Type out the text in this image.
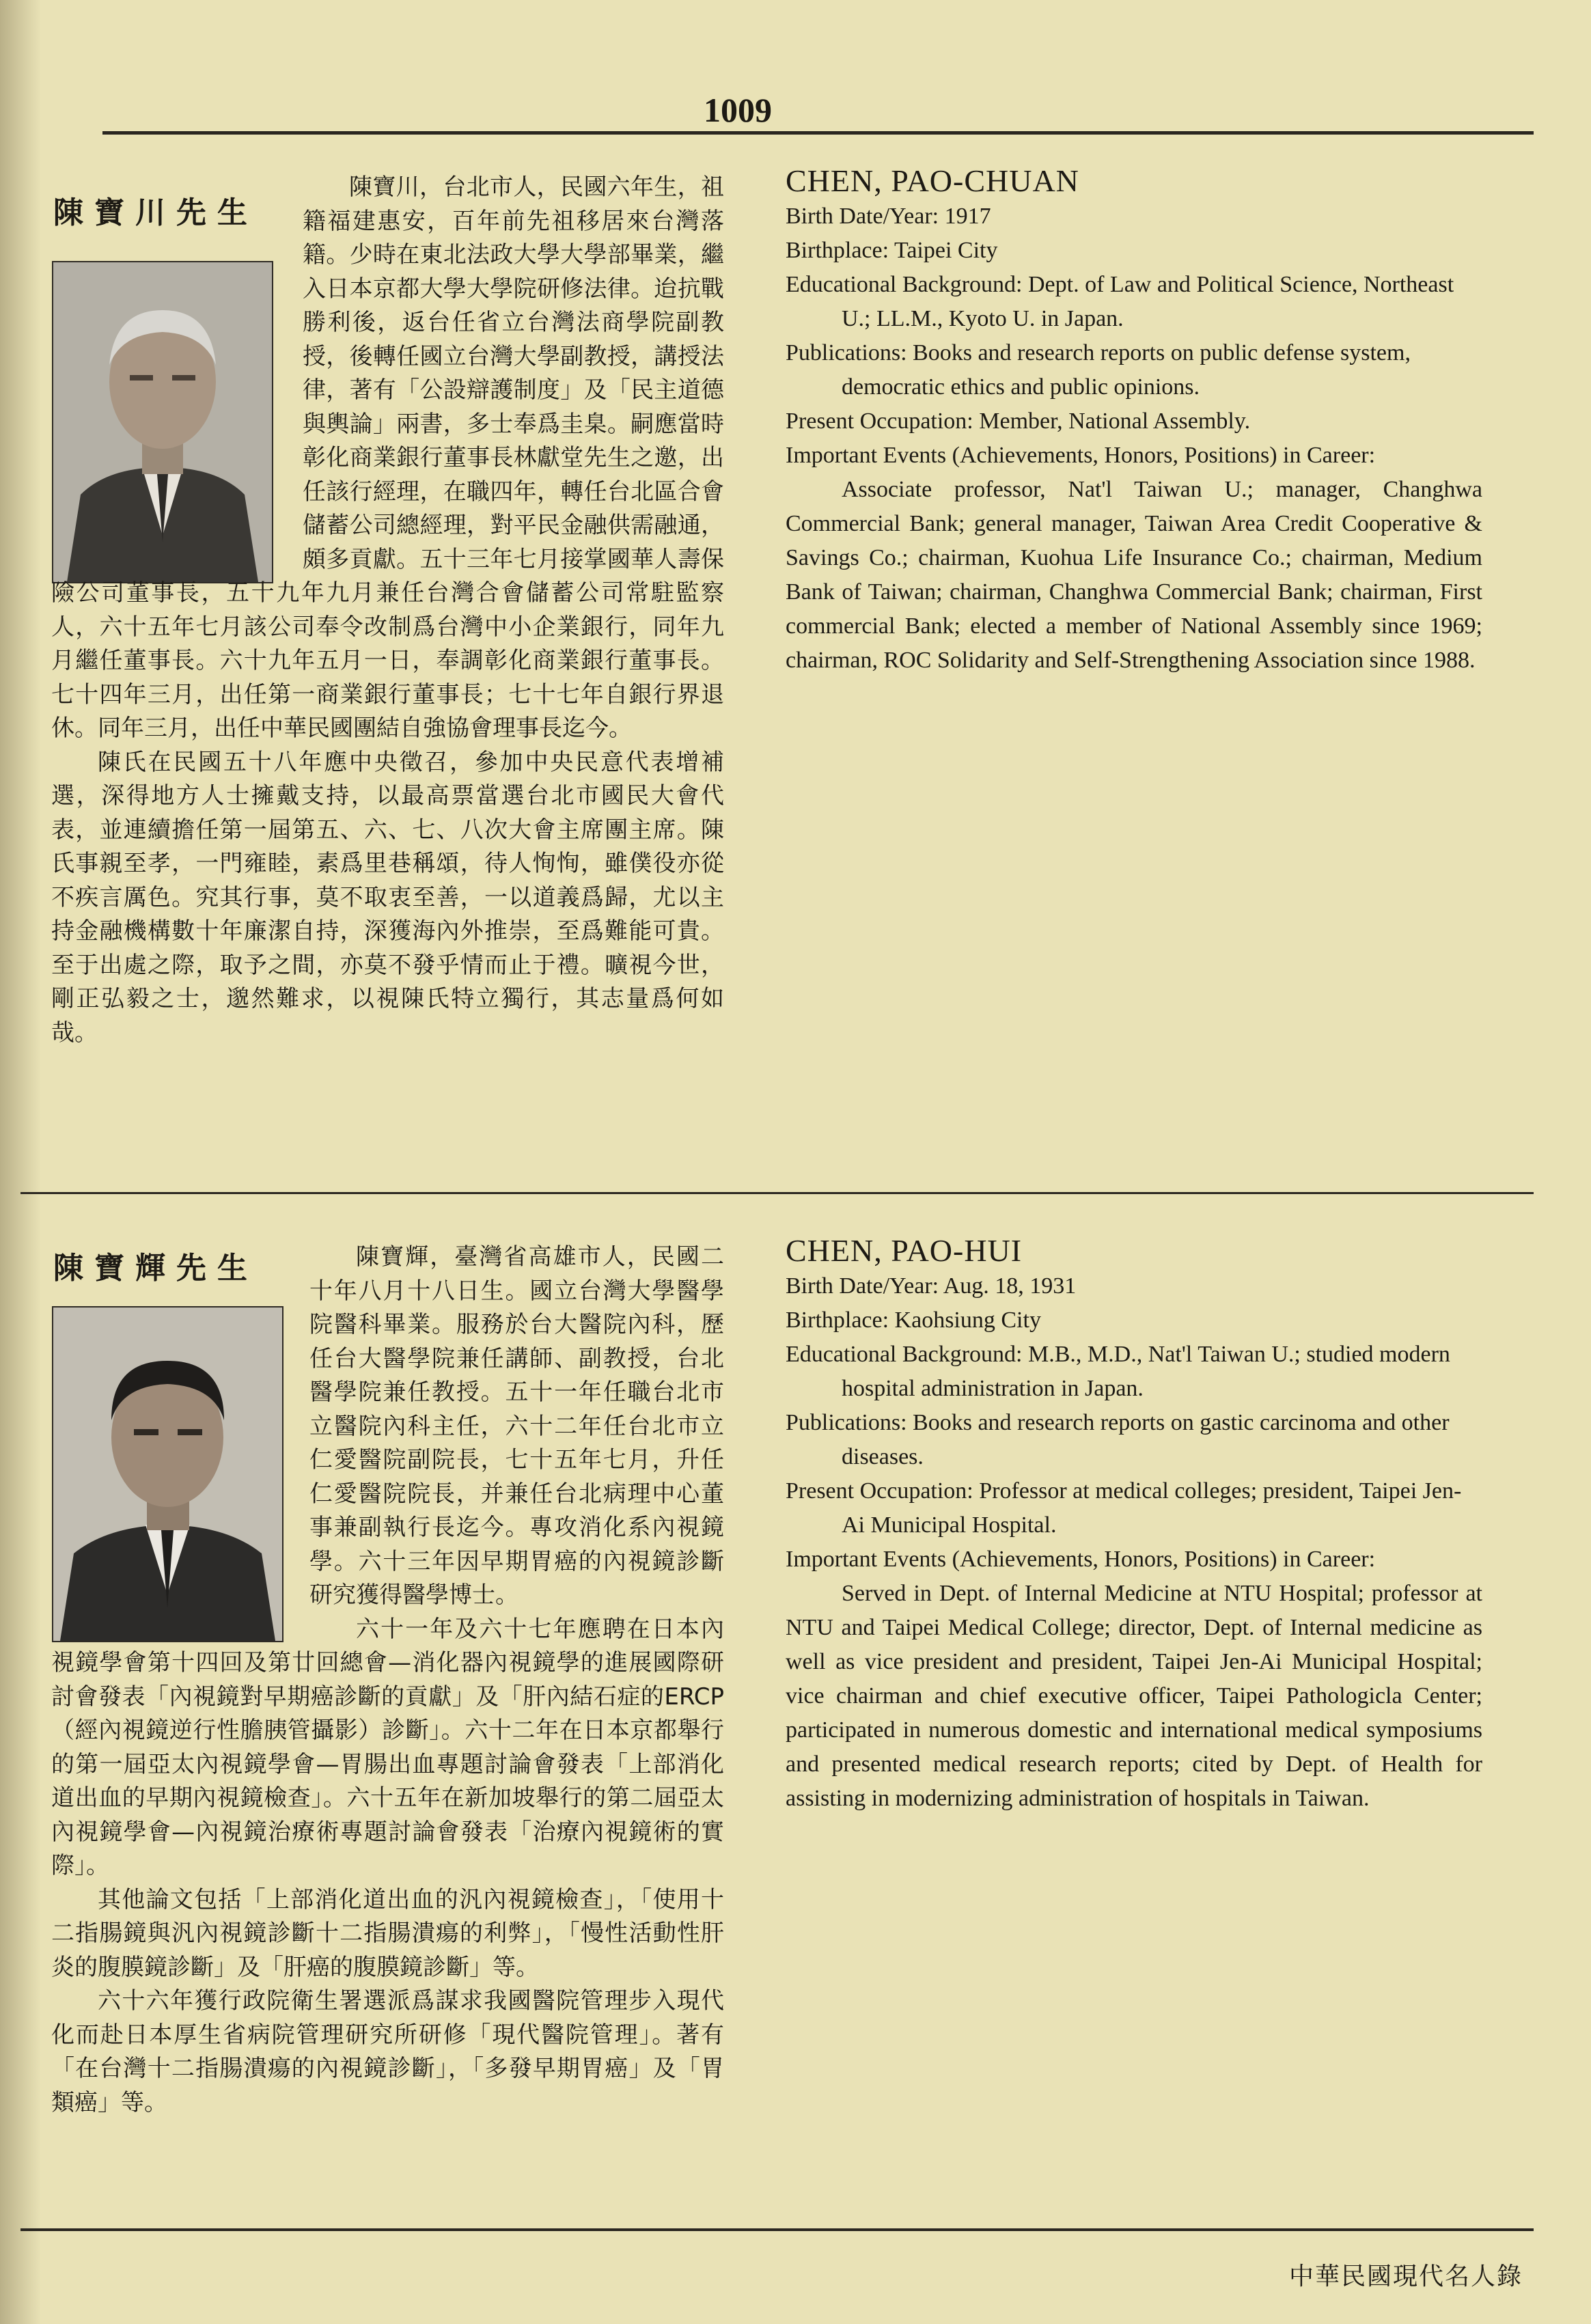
1009
陳寶川先生

陳寶川，台北市人，民國六年生，祖籍福建惠安，百年前先祖移居來台灣落籍。少時在東北法政大學大學部畢業，繼入日本京都大學大學院研修法律。迨抗戰勝利後，返台任省立台灣法商學院副教授，後轉任國立台灣大學副教授，講授法律，著有「公設辯護制度」及「民主道德與輿論」兩書，多士奉爲圭臬。嗣應當時彰化商業銀行董事長林獻堂先生之邀，出任該行經理，在職四年，轉任台北區合會儲蓄公司總經理，對平民金融供需融通，頗多貢獻。五十三年七月接掌國華人壽保險公司董事長，五十九年九月兼任台灣合會儲蓄公司常駐監察人，六十五年七月該公司奉令改制爲台灣中小企業銀行，同年九月繼任董事長。六十九年五月一日，奉調彰化商業銀行董事長。七十四年三月，出任第一商業銀行董事長；七十七年自銀行界退休。同年三月，出任中華民國團結自強協會理事長迄今。

陳氏在民國五十八年應中央徵召，參加中央民意代表增補選，深得地方人士擁戴支持，以最高票當選台北市國民大會代表，並連續擔任第一屆第五、六、七、八次大會主席團主席。陳氏事親至孝，一門雍睦，素爲里巷稱頌，待人恂恂，雖僕役亦從不疾言厲色。究其行事，莫不取衷至善，一以道義爲歸，尤以主持金融機構數十年廉潔自持，深獲海內外推崇，至爲難能可貴。至于出處之際，取予之間，亦莫不發乎情而止于禮。曠視今世，剛正弘毅之士，邈然難求，以視陳氏特立獨行，其志量爲何如哉。

CHEN, PAO-CHUAN

Birth Date/Year: 1917

Birthplace: Taipei City

Educational Background: Dept. of Law and Political Science, Northeast U.; LL.M., Kyoto U. in Japan.

Publications: Books and research reports on public defense system, democratic ethics and public opinions.

Present Occupation: Member, National Assembly.

Important Events (Achievements, Honors, Positions) in Career:

Associate professor, Nat'l Taiwan U.; manager, Changhwa Commercial Bank; general manager, Taiwan Area Credit Cooperative & Savings Co.; chairman, Kuohua Life Insurance Co.; chairman, Medium Bank of Taiwan; chairman, Changhwa Commercial Bank; chairman, First commercial Bank; elected a member of National Assembly since 1969; chairman, ROC Solidarity and Self-Strengthening Association since 1988.

陳寶輝先生	陳寶輝，臺灣省高雄市人，民國二十年八月十八日生。國立台灣大學醫學院醫科畢業。服務於台大醫院內科，歷任台大醫學院兼任講師、副教授，台北醫學院兼任教授。五十一年任職台北市立醫院內科主任，六十二年任台北市立仁愛醫院副院長，七十五年七月，升任仁愛醫院院長，并兼任台北病理中心董事兼副執行長迄今。專攻消化系內視鏡學。六十三年因早期胃癌的內視鏡診斷研究獲得醫學博士。

六十一年及六十七年應聘在日本內視鏡學會第十四回及第廿回總會—消化器內視鏡學的進展國際研討會發表「內視鏡對早期癌診斷的貢獻」及「肝內結石症的ERCP（經內視鏡逆行性膽胰管攝影）診斷」。六十二年在日本京都舉行的第一屆亞太內視鏡學會—胃腸出血專題討論會發表「上部消化道出血的早期內視鏡檢查」。六十五年在新加坡舉行的第二屆亞太內視鏡學會—內視鏡治療術專題討論會發表「治療內視鏡術的實際」。

其他論文包括「上部消化道出血的汎內視鏡檢查」，「使用十二指腸鏡與汎內視鏡診斷十二指腸潰瘍的利弊」，「慢性活動性肝炎的腹膜鏡診斷」及「肝癌的腹膜鏡診斷」等。

六十六年獲行政院衛生署選派爲謀求我國醫院管理步入現代化而赴日本厚生省病院管理研究所研修「現代醫院管理」。著有「在台灣十二指腸潰瘍的內視鏡診斷」，「多發早期胃癌」及「胃類癌」等。

CHEN, PAO-HUI

Birth Date/Year: Aug. 18, 1931

Birthplace: Kaohsiung City

Educational Background: M.B., M.D., Nat'l Taiwan U.; studied modern hospital administration in Japan.

Publications: Books and research reports on gastic carcinoma and other diseases.

Present Occupation: Professor at medical colleges; president, Taipei Jen-Ai Municipal Hospital.

Important Events (Achievements, Honors, Positions) in Career:

Served in Dept. of Internal Medicine at NTU Hospital; professor at NTU and Taipei Medical College; director, Dept. of Internal medicine as well as vice president and president, Taipei Jen-Ai Municipal Hospital; vice chairman and chief executive officer, Taipei Pathologicla Center; participated in numerous domestic and international medical symposiums and presented medical research reports; cited by Dept. of Health for assisting in modernizing administration of hospitals in Taiwan.

中華民國現代名人錄
